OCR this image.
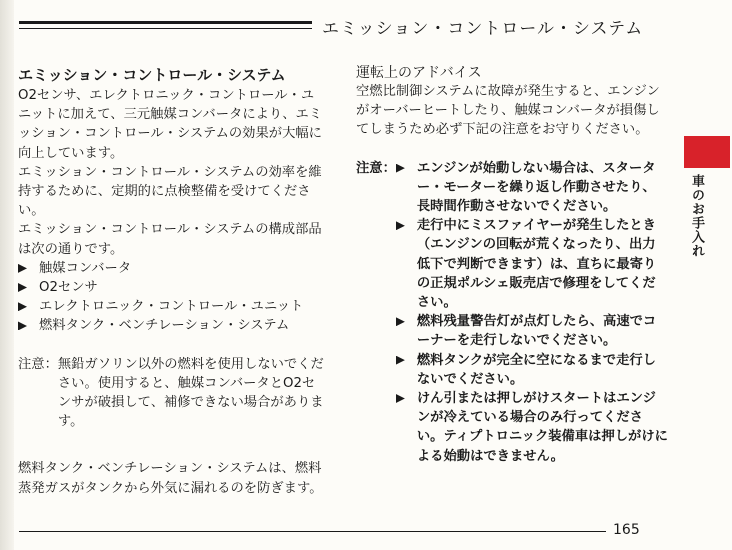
エミッション・コントロール・システム
車のお手入れ
エミッション・コントロール・システム

O2センサ、エレクトロニック・コントロール・ユニットに加えて、三元触媒コンバータにより、エミッション・コントロール・システムの効果が大幅に向上しています。

エミッション・コントロール・システムの効率を維持するために、定期的に点検整備を受けてください。

エミッション・コントロール・システムの構成部品は次の通りです。

触媒コンバータ
O2センサ
エレクトロニック・コントロール・ユニット
燃料タンク・ベンチレーション・システム
注意： 無鉛ガソリン以外の燃料を使用しないでください。使用すると、触媒コンバータとO2センサが破損して、補修できない場合があります。

燃料タンク・ベンチレーション・システムは、燃料蒸発ガスがタンクから外気に漏れるのを防ぎます。

運転上のアドバイス

空燃比制御システムに故障が発生すると、エンジンがオーバーヒートしたり、触媒コンバータが損傷してしまうため必ず下記の注意をお守りください。

注意： エンジンが始動しない場合は、スターター・モーターを繰り返し作動させたり、長時間作動させないでください。
走行中にミスファイヤーが発生したとき（エンジンの回転が荒くなったり、出力低下で判断できます）は、直ちに最寄りの正規ポルシェ販売店で修理をしてください。
燃料残量警告灯が点灯したら、高速でコーナーを走行しないでください。
燃料タンクが完全に空になるまで走行しないでください。
けん引または押しがけスタートはエンジンが冷えている場合のみ行ってください。ティプトロニック装備車は押しがけによる始動はできません。
165
